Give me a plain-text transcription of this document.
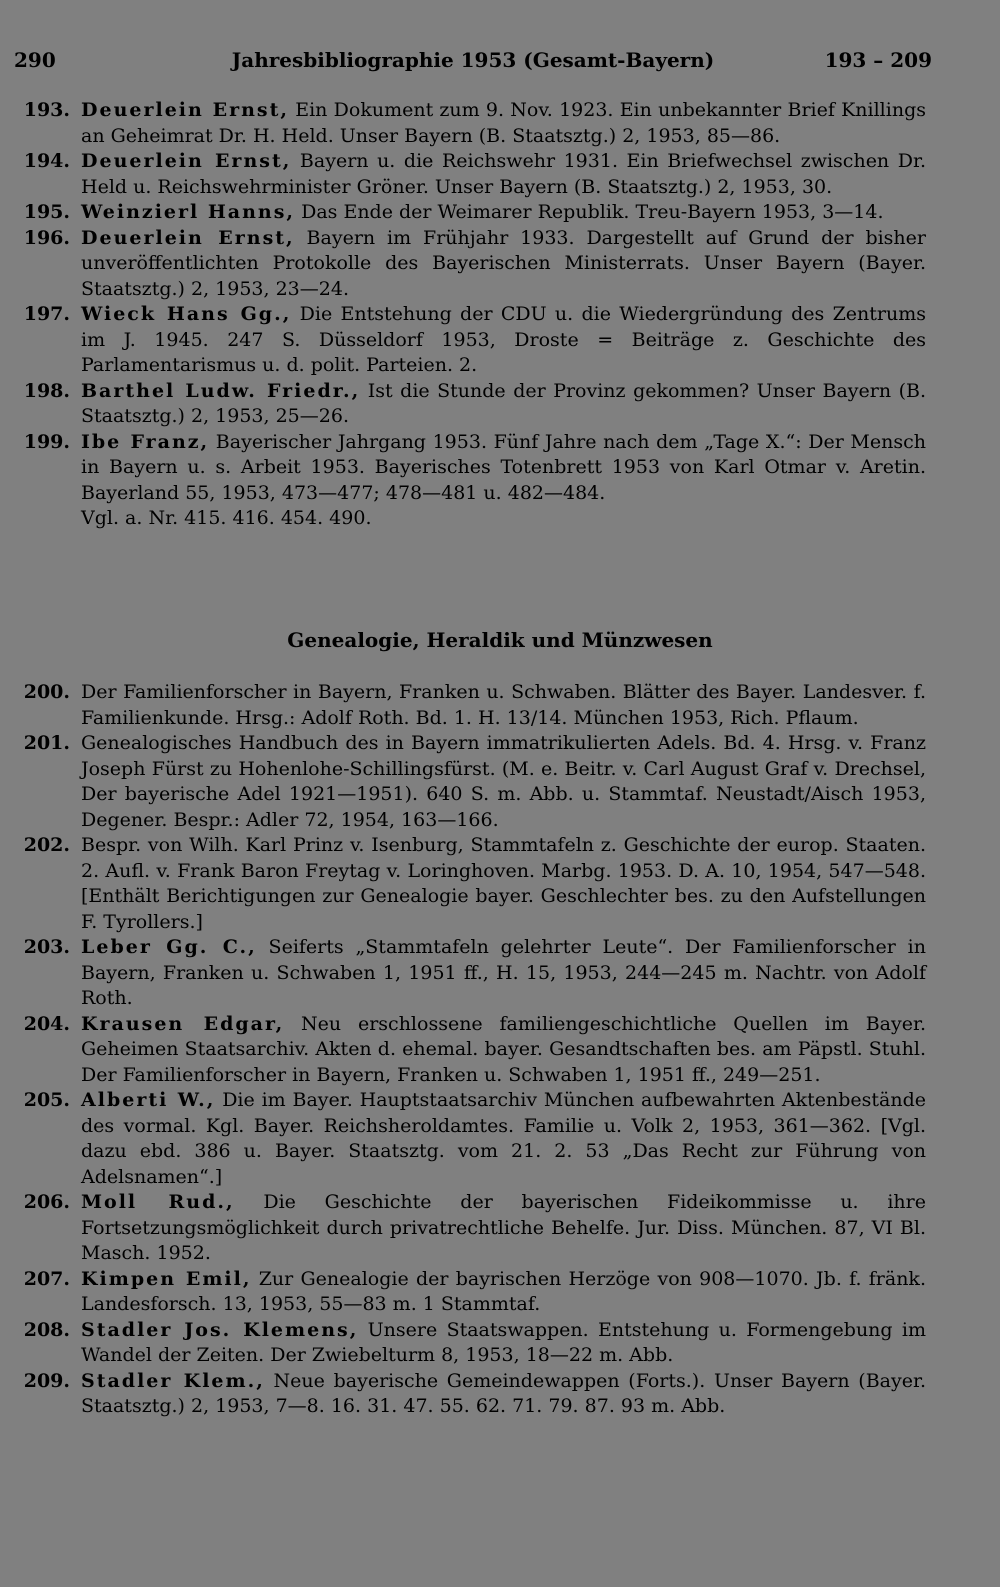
290	Jahresbibliographie 1953 (Gesamt-Bayern)	193 – 209
193. Deuerlein Ernst, Ein Dokument zum 9. Nov. 1923. Ein unbekannter Brief Knillings an Geheimrat Dr. H. Held. Unser Bayern (B. Staatsztg.) 2, 1953, 85—86.
194. Deuerlein Ernst, Bayern u. die Reichswehr 1931. Ein Briefwechsel zwischen Dr. Held u. Reichswehrminister Gröner. Unser Bayern (B. Staatsztg.) 2, 1953, 30.
195. Weinzierl Hanns, Das Ende der Weimarer Republik. Treu-Bayern 1953, 3—14.
196. Deuerlein Ernst, Bayern im Frühjahr 1933. Dargestellt auf Grund der bisher unveröffentlichten Protokolle des Bayerischen Ministerrats. Unser Bayern (Bayer. Staatsztg.) 2, 1953, 23—24.
197. Wieck Hans Gg., Die Entstehung der CDU u. die Wiedergründung des Zentrums im J. 1945. 247 S. Düsseldorf 1953, Droste = Beiträge z. Geschichte des Parlamentarismus u. d. polit. Parteien. 2.
198. Barthel Ludw. Friedr., Ist die Stunde der Provinz gekommen? Unser Bayern (B. Staatsztg.) 2, 1953, 25—26.
199. Ibe Franz, Bayerischer Jahrgang 1953. Fünf Jahre nach dem „Tage X.“: Der Mensch in Bayern u. s. Arbeit 1953. Bayerisches Totenbrett 1953 von Karl Otmar v. Aretin. Bayerland 55, 1953, 473—477; 478—481 u. 482—484.
Vgl. a. Nr. 415. 416. 454. 490.
Genealogie, Heraldik und Münzwesen
200. Der Familienforscher in Bayern, Franken u. Schwaben. Blätter des Bayer. Landesver. f. Familienkunde. Hrsg.: Adolf Roth. Bd. 1. H. 13/14. München 1953, Rich. Pflaum.
201. Genealogisches Handbuch des in Bayern immatrikulierten Adels. Bd. 4. Hrsg. v. Franz Joseph Fürst zu Hohenlohe-Schillingsfürst. (M. e. Beitr. v. Carl August Graf v. Drechsel, Der bayerische Adel 1921—1951). 640 S. m. Abb. u. Stammtaf. Neustadt/Aisch 1953, Degener. Bespr.: Adler 72, 1954, 163—166.
202. Bespr. von Wilh. Karl Prinz v. Isenburg, Stammtafeln z. Geschichte der europ. Staaten. 2. Aufl. v. Frank Baron Freytag v. Loringhoven. Marbg. 1953. D. A. 10, 1954, 547—548. [Enthält Berichtigungen zur Genealogie bayer. Geschlechter bes. zu den Aufstellungen F. Tyrollers.]
203. Leber Gg. C., Seiferts „Stammtafeln gelehrter Leute“. Der Familienforscher in Bayern, Franken u. Schwaben 1, 1951 ff., H. 15, 1953, 244—245 m. Nachtr. von Adolf Roth.
204. Krausen Edgar, Neu erschlossene familiengeschichtliche Quellen im Bayer. Geheimen Staatsarchiv. Akten d. ehemal. bayer. Gesandtschaften bes. am Päpstl. Stuhl. Der Familienforscher in Bayern, Franken u. Schwaben 1, 1951 ff., 249—251.
205. Alberti W., Die im Bayer. Hauptstaatsarchiv München aufbewahrten Aktenbestände des vormal. Kgl. Bayer. Reichsheroldamtes. Familie u. Volk 2, 1953, 361—362. [Vgl. dazu ebd. 386 u. Bayer. Staatsztg. vom 21. 2. 53 „Das Recht zur Führung von Adelsnamen“.]
206. Moll Rud., Die Geschichte der bayerischen Fideikommisse u. ihre Fortsetzungsmöglichkeit durch privatrechtliche Behelfe. Jur. Diss. München. 87, VI Bl. Masch. 1952.
207. Kimpen Emil, Zur Genealogie der bayrischen Herzöge von 908—1070. Jb. f. fränk. Landesforsch. 13, 1953, 55—83 m. 1 Stammtaf.
208. Stadler Jos. Klemens, Unsere Staatswappen. Entstehung u. Formengebung im Wandel der Zeiten. Der Zwiebelturm 8, 1953, 18—22 m. Abb.
209. Stadler Klem., Neue bayerische Gemeindewappen (Forts.). Unser Bayern (Bayer. Staatsztg.) 2, 1953, 7—8. 16. 31. 47. 55. 62. 71. 79. 87. 93 m. Abb.
